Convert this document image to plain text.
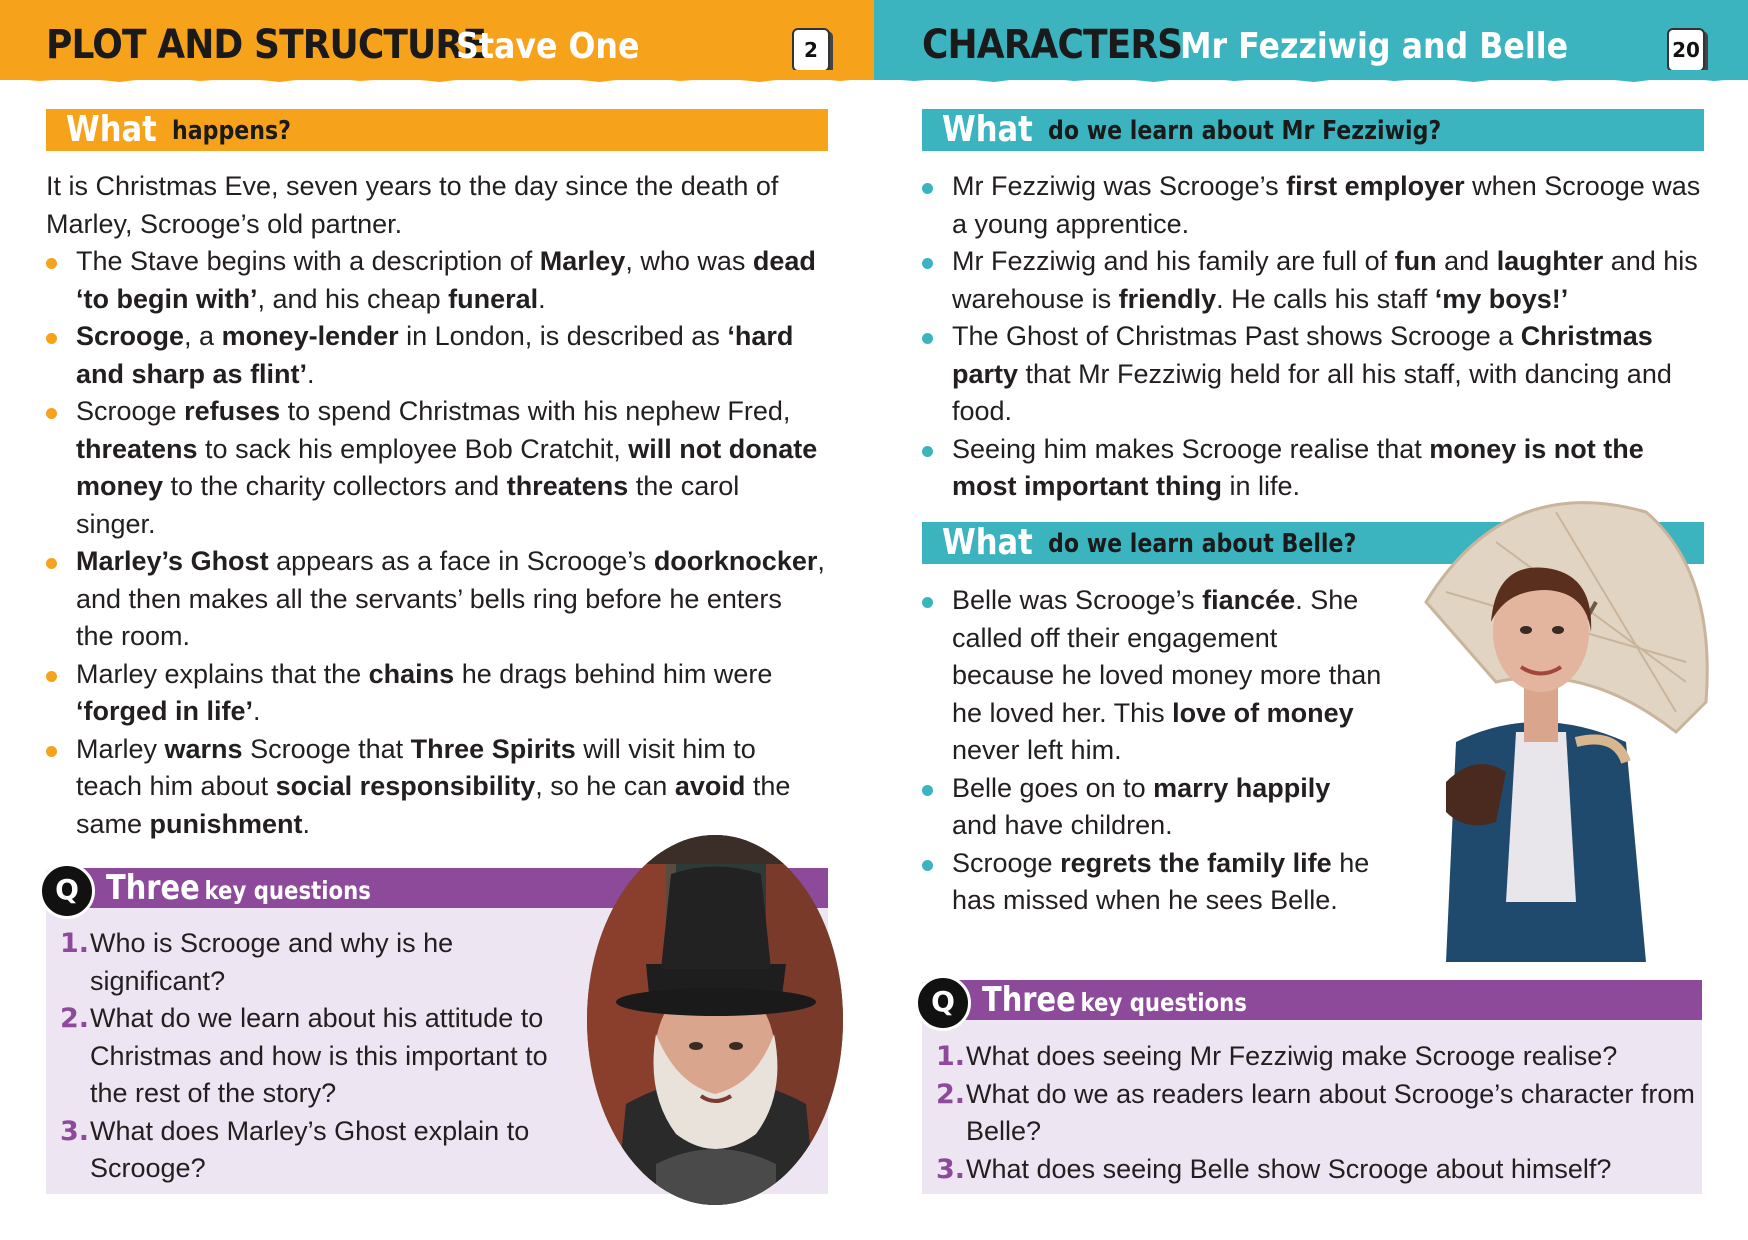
PLOT AND STRUCTURE
Stave One	2
What happens?
It is Christmas Eve, seven years to the day since the death of Marley, Scrooge’s old partner.
The Stave begins with a description of Marley, who was dead ‘to begin with’, and his cheap funeral.
Scrooge, a money-lender in London, is described as ‘hard and sharp as flint’.
Scrooge refuses to spend Christmas with his nephew Fred, threatens to sack his employee Bob Cratchit, will not donate money to the charity collectors and threatens the carol singer.
Marley’s Ghost appears as a face in Scrooge’s doorknocker, and then makes all the servants’ bells ring before he enters the room.
Marley explains that the chains he drags behind him were ‘forged in life’.
Marley warns Scrooge that Three Spirits will visit him to teach him about social responsibility, so he can avoid the same punishment.
Q Three key questions
1. Who is Scrooge and why is he significant?
2. What do we learn about his attitude to Christmas and how is this important to the rest of the story?
3. What does Marley’s Ghost explain to Scrooge?
CHARACTERS
Mr Fezziwig and Belle	20
What do we learn about Mr Fezziwig?
Mr Fezziwig was Scrooge’s first employer when Scrooge was a young apprentice.
Mr Fezziwig and his family are full of fun and laughter and his warehouse is friendly. He calls his staff ‘my boys!’
The Ghost of Christmas Past shows Scrooge a Christmas party that Mr Fezziwig held for all his staff, with dancing and food.
Seeing him makes Scrooge realise that money is not the most important thing in life.
What do we learn about Belle?
Belle was Scrooge’s fiancée. She called off their engagement because he loved money more than he loved her. This love of money never left him.
Belle goes on to marry happily and have children.
Scrooge regrets the family life he has missed when he sees Belle.
Q Three key questions
1. What does seeing Mr Fezziwig make Scrooge realise?
2. What do we as readers learn about Scrooge’s character from Belle?
3. What does seeing Belle show Scrooge about himself?
